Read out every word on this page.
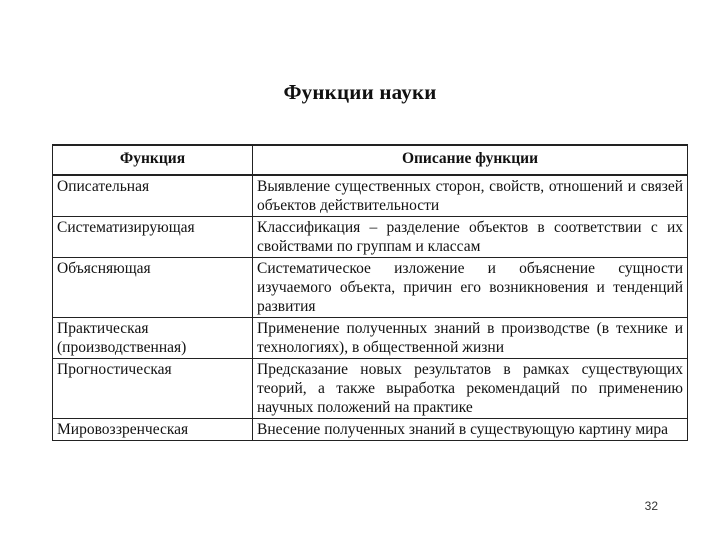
Функции науки
Функция	Описание функции
Описательная	Выявление существенных сторон, свойств, отношений и связей объектов действительности
Систематизирующая	Классификация – разделение объектов в соответствии с их свойствами по группам и классам
Объясняющая	Систематическое изложение и объяснение сущности изучаемого объекта, причин его возникновения и тенденций развития
Практическая (производственная)	Применение полученных знаний в производстве (в технике и технологиях), в общественной жизни
Прогностическая	Предсказание новых результатов в рамках существующих теорий, а также выработка рекомендаций по применению научных положений на практике
Мировоззренческая	Внесение полученных знаний в существующую картину мира
32
